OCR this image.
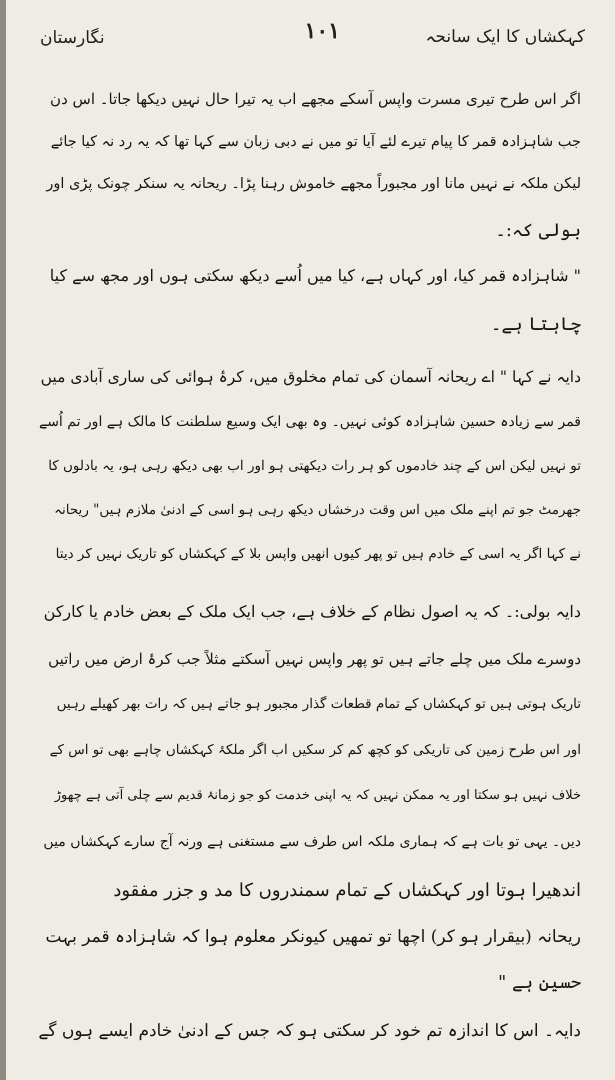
کہکشاں کا ایک سانحہ
۱۰۱
نگارستان
اگر اس طرح تیری مسرت واپس آسکے مجھے اب یہ تیرا حال نہیں دیکھا جاتا۔ اس دن
جب شاہزادہ قمر کا پیام تیرے لئے آیا تو میں نے دبی زبان سے کہا تھا کہ یہ رد نہ کیا جائے
لیکن ملکہ نے نہیں مانا اور مجبوراً مجھے خاموش رہنا پڑا۔ ریحانہ یہ سنکر چونک پڑی اور
بولی کہ:۔
" شاہزادہ قمر کیا، اور کہاں ہے، کیا میں اُسے دیکھ سکتی ہوں اور مجھ سے کیا
چاہتا ہے۔
دایہ نے کہا " اے ریحانہ آسمان کی تمام مخلوق میں، کرۂ ہوائی کی ساری آبادی میں
قمر سے زیادہ حسین شاہزادہ کوئی نہیں۔ وہ بھی ایک وسیع سلطنت کا مالک ہے اور تم اُسے
تو نہیں لیکن اس کے چند خادموں کو ہر رات دیکھتی ہو اور اب بھی دیکھ رہی ہو، یہ بادلوں کا
جھرمٹ جو تم اپنے ملک میں اس وقت درخشاں دیکھ رہی ہو اسی کے ادنیٰ ملازم ہیں" ریحانہ
نے کہا اگر یہ اسی کے خادم ہیں تو پھر کیوں انھیں واپس بلا کے کہکشاں کو تاریک نہیں کر دیتا
دایہ بولی:۔ کہ یہ اصول نظام کے خلاف ہے، جب ایک ملک کے بعض خادم یا کارکن
دوسرے ملک میں چلے جاتے ہیں تو پھر واپس نہیں آسکتے مثلاً جب کرۂ ارض میں راتیں
تاریک ہوتی ہیں تو کہکشاں کے تمام قطعات گذار مجبور ہو جاتے ہیں کہ رات بھر کھیلے رہیں
اور اس طرح زمین کی تاریکی کو کچھ کم کر سکیں اب اگر ملکۂ کہکشاں چاہے بھی تو اس کے
خلاف نہیں ہو سکتا اور یہ ممکن نہیں کہ یہ اپنی خدمت کو جو زمانۂ قدیم سے چلی آتی ہے چھوڑ
دیں۔ یہی تو بات ہے کہ ہماری ملکہ اس طرف سے مستغنی ہے ورنہ آج سارے کہکشاں میں
اندھیرا ہوتا اور کہکشاں کے تمام سمندروں کا مد و جزر مفقود
ریحانہ (بیقرار ہو کر) اچھا تو تمھیں کیونکر معلوم ہوا کہ شاہزادہ قمر بہت
حسین ہے "
دایہ۔ اس کا اندازہ تم خود کر سکتی ہو کہ جس کے ادنیٰ خادم ایسے ہوں گے
